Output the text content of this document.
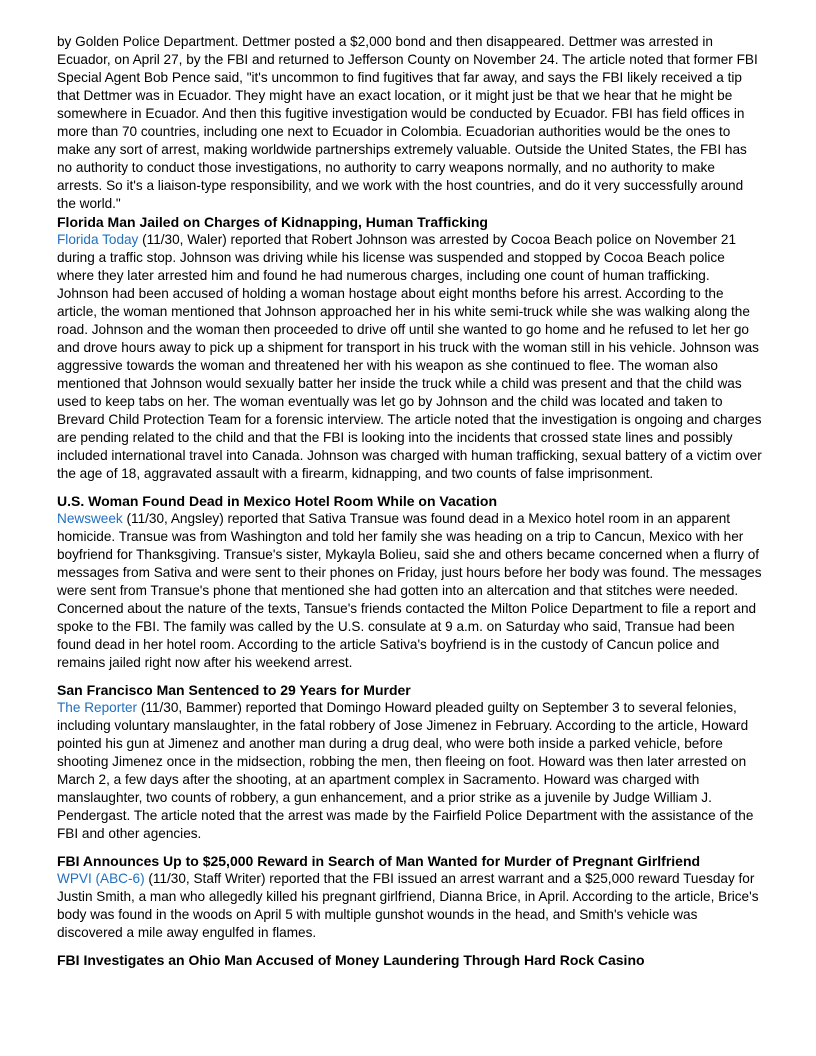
by Golden Police Department. Dettmer posted a $2,000 bond and then disappeared. Dettmer was arrested in Ecuador, on April 27, by the FBI and returned to Jefferson County on November 24. The article noted that former FBI Special Agent Bob Pence said, "it's uncommon to find fugitives that far away, and says the FBI likely received a tip that Dettmer was in Ecuador. They might have an exact location, or it might just be that we hear that he might be somewhere in Ecuador. And then this fugitive investigation would be conducted by Ecuador. FBI has field offices in more than 70 countries, including one next to Ecuador in Colombia. Ecuadorian authorities would be the ones to make any sort of arrest, making worldwide partnerships extremely valuable. Outside the United States, the FBI has no authority to conduct those investigations, no authority to carry weapons normally, and no authority to make arrests. So it's a liaison-type responsibility, and we work with the host countries, and do it very successfully around the world."

Florida Man Jailed on Charges of Kidnapping, Human Trafficking

Florida Today (11/30, Waler) reported that Robert Johnson was arrested by Cocoa Beach police on November 21 during a traffic stop. Johnson was driving while his license was suspended and stopped by Cocoa Beach police where they later arrested him and found he had numerous charges, including one count of human trafficking. Johnson had been accused of holding a woman hostage about eight months before his arrest. According to the article, the woman mentioned that Johnson approached her in his white semi-truck while she was walking along the road. Johnson and the woman then proceeded to drive off until she wanted to go home and he refused to let her go and drove hours away to pick up a shipment for transport in his truck with the woman still in his vehicle. Johnson was aggressive towards the woman and threatened her with his weapon as she continued to flee. The woman also mentioned that Johnson would sexually batter her inside the truck while a child was present and that the child was used to keep tabs on her. The woman eventually was let go by Johnson and the child was located and taken to Brevard Child Protection Team for a forensic interview. The article noted that the investigation is ongoing and charges are pending related to the child and that the FBI is looking into the incidents that crossed state lines and possibly included international travel into Canada. Johnson was charged with human trafficking, sexual battery of a victim over the age of 18, aggravated assault with a firearm, kidnapping, and two counts of false imprisonment.

U.S. Woman Found Dead in Mexico Hotel Room While on Vacation

Newsweek (11/30, Angsley) reported that Sativa Transue was found dead in a Mexico hotel room in an apparent homicide. Transue was from Washington and told her family she was heading on a trip to Cancun, Mexico with her boyfriend for Thanksgiving. Transue's sister, Mykayla Bolieu, said she and others became concerned when a flurry of messages from Sativa and were sent to their phones on Friday, just hours before her body was found. The messages were sent from Transue's phone that mentioned she had gotten into an altercation and that stitches were needed. Concerned about the nature of the texts, Tansue's friends contacted the Milton Police Department to file a report and spoke to the FBI. The family was called by the U.S. consulate at 9 a.m. on Saturday who said, Transue had been found dead in her hotel room. According to the article Sativa's boyfriend is in the custody of Cancun police and remains jailed right now after his weekend arrest.

San Francisco Man Sentenced to 29 Years for Murder

The Reporter (11/30, Bammer) reported that Domingo Howard pleaded guilty on September 3 to several felonies, including voluntary manslaughter, in the fatal robbery of Jose Jimenez in February. According to the article, Howard pointed his gun at Jimenez and another man during a drug deal, who were both inside a parked vehicle, before shooting Jimenez once in the midsection, robbing the men, then fleeing on foot. Howard was then later arrested on March 2, a few days after the shooting, at an apartment complex in Sacramento. Howard was charged with manslaughter, two counts of robbery, a gun enhancement, and a prior strike as a juvenile by Judge William J. Pendergast. The article noted that the arrest was made by the Fairfield Police Department with the assistance of the FBI and other agencies.

FBI Announces Up to $25,000 Reward in Search of Man Wanted for Murder of Pregnant Girlfriend

WPVI (ABC-6) (11/30, Staff Writer) reported that the FBI issued an arrest warrant and a $25,000 reward Tuesday for Justin Smith, a man who allegedly killed his pregnant girlfriend, Dianna Brice, in April. According to the article, Brice's body was found in the woods on April 5 with multiple gunshot wounds in the head, and Smith's vehicle was discovered a mile away engulfed in flames.

FBI Investigates an Ohio Man Accused of Money Laundering Through Hard Rock Casino
